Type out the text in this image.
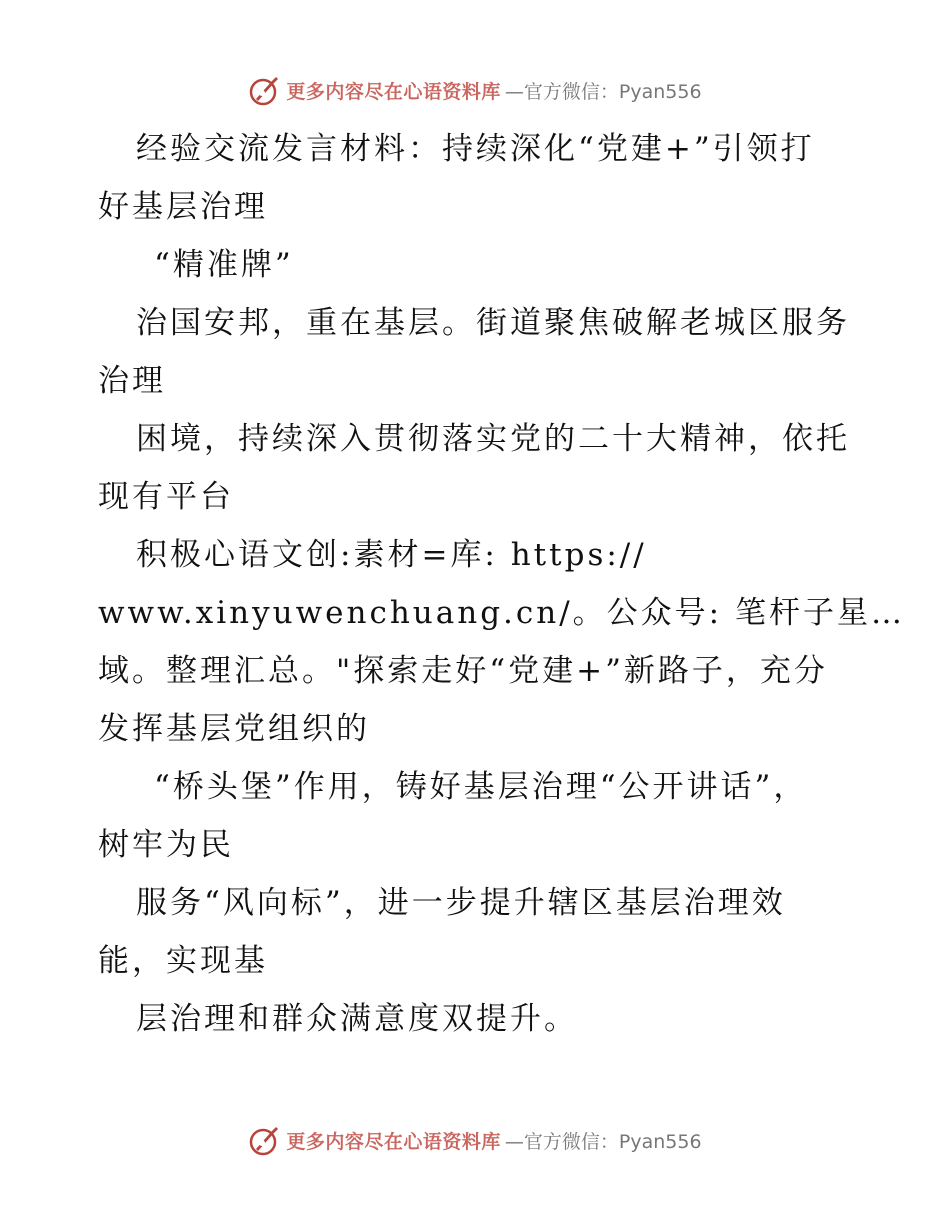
更多内容尽在心语资料库 —官方微信：Pyan556
经验交流发言材料：持续深化“党建+”引领打
好基层治理
“精准牌”
治国安邦，重在基层。街道聚焦破解老城区服务
治理
困境，持续深入贯彻落实党的二十大精神，依托
现有平台
积极心语文创:素材=库: https://
www.xinyuwenchuang.cn/。公众号: 笔杆子星…
域。整理汇总。"探索走好“党建+”新路子，充分
发挥基层党组织的
“桥头堡”作用，铸好基层治理“公开讲话”，
树牢为民
服务“风向标”，进一步提升辖区基层治理效
能，实现基
层治理和群众满意度双提升。
更多内容尽在心语资料库 —官方微信：Pyan556
